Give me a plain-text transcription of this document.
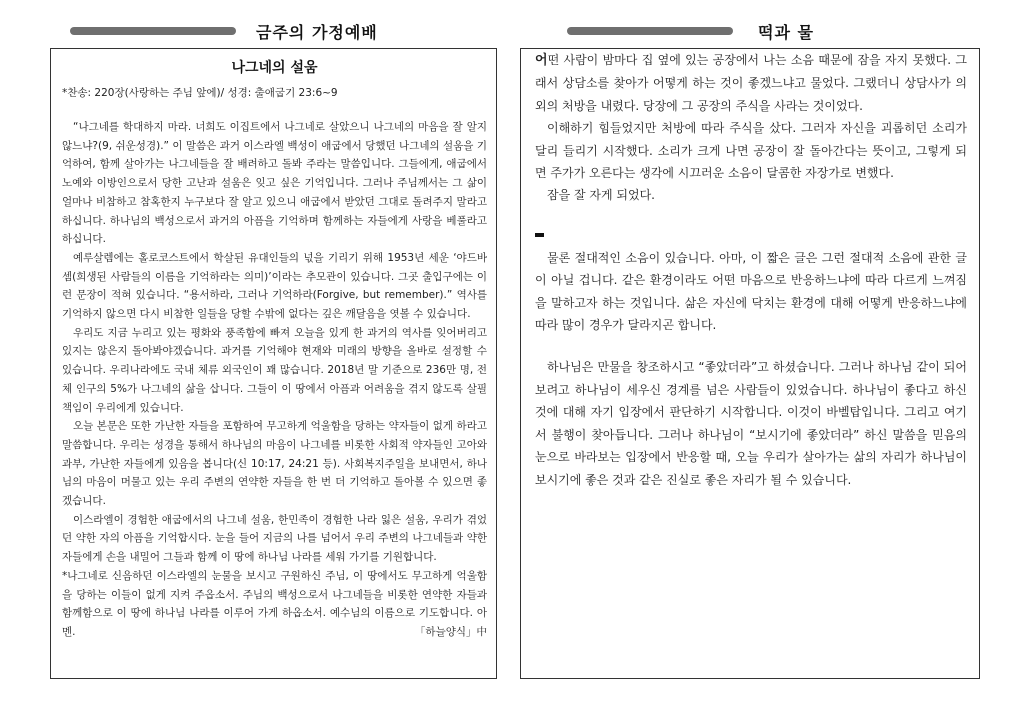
금주의 가정예배	떡과 물
나그네의 설움
*찬송: 220장(사랑하는 주님 앞에)/ 성경: 출애굽기 23:6~9

“나그네를 학대하지 마라. 너희도 이집트에서 나그네로 살았으니 나그네의 마음을 잘 알지 않느냐?(9, 쉬운성경).” 이 말씀은 과거 이스라엘 백성이 애굽에서 당했던 나그네의 설움을 기억하여, 함께 살아가는 나그네들을 잘 배려하고 돌봐 주라는 말씀입니다. 그들에게, 애굽에서 노예와 이방인으로서 당한 고난과 설움은 잊고 싶은 기억입니다. 그러나 주님께서는 그 삶이 얼마나 비참하고 참혹한지 누구보다 잘 알고 있으니 애굽에서 받았던 그대로 돌려주지 말라고 하십니다. 하나님의 백성으로서 과거의 아픔을 기억하며 함께하는 자들에게 사랑을 베풀라고 하십니다.

예루살렘에는 홀로코스트에서 학살된 유대인들의 넋을 기리기 위해 1953년 세운 ‘야드바셈(희생된 사람들의 이름을 기억하라는 의미)’이라는 추모관이 있습니다. 그곳 출입구에는 이런 문장이 적혀 있습니다. “용서하라, 그러나 기억하라(Forgive, but remember).” 역사를 기억하지 않으면 다시 비참한 일들을 당할 수밖에 없다는 깊은 깨달음을 엿볼 수 있습니다.

우리도 지금 누리고 있는 평화와 풍족함에 빠져 오늘을 있게 한 과거의 역사를 잊어버리고 있지는 않은지 돌아봐야겠습니다. 과거를 기억해야 현재와 미래의 방향을 올바로 설정할 수 있습니다. 우리나라에도 국내 체류 외국인이 꽤 많습니다. 2018년 말 기준으로 236만 명, 전체 인구의 5%가 나그네의 삶을 삽니다. 그들이 이 땅에서 아픔과 어려움을 겪지 않도록 살필 책임이 우리에게 있습니다.

오늘 본문은 또한 가난한 자들을 포함하여 무고하게 억울함을 당하는 약자들이 없게 하라고 말씀합니다. 우리는 성경을 통해서 하나님의 마음이 나그네를 비롯한 사회적 약자들인 고아와 과부, 가난한 자들에게 있음을 봅니다(신 10:17, 24:21 등). 사회복지주일을 보내면서, 하나님의 마음이 머물고 있는 우리 주변의 연약한 자들을 한 번 더 기억하고 돌아볼 수 있으면 좋겠습니다.

이스라엘이 경험한 애굽에서의 나그네 설움, 한민족이 경험한 나라 잃은 설움, 우리가 겪었던 약한 자의 아픔을 기억합시다. 눈을 들어 지금의 나를 넘어서 우리 주변의 나그네들과 약한 자들에게 손을 내밀어 그들과 함께 이 땅에 하나님 나라를 세워 가기를 기원합니다.

*나그네로 신음하던 이스라엘의 눈물을 보시고 구원하신 주님, 이 땅에서도 무고하게 억울함을 당하는 이들이 없게 지켜 주옵소서. 주님의 백성으로서 나그네들을 비롯한 연약한 자들과 함께함으로 이 땅에 하나님 나라를 이루어 가게 하옵소서. 예수님의 이름으로 기도합니다. 아멘.	「하늘양식」中

어떤 사람이 밤마다 집 옆에 있는 공장에서 나는 소음 때문에 잠을 자지 못했다. 그래서 상담소를 찾아가 어떻게 하는 것이 좋겠느냐고 물었다. 그랬더니 상담사가 의외의 처방을 내렸다. 당장에 그 공장의 주식을 사라는 것이었다.

이해하기 힘들었지만 처방에 따라 주식을 샀다. 그러자 자신을 괴롭히던 소리가 달리 들리기 시작했다. 소리가 크게 나면 공장이 잘 돌아간다는 뜻이고, 그렇게 되면 주가가 오른다는 생각에 시끄러운 소음이 달콤한 자장가로 변했다.

잠을 잘 자게 되었다.

물론 절대적인 소음이 있습니다. 아마, 이 짧은 글은 그런 절대적 소음에 관한 글이 아닐 겁니다. 같은 환경이라도 어떤 마음으로 반응하느냐에 따라 다르게 느껴짐을 말하고자 하는 것입니다. 삶은 자신에 닥치는 환경에 대해 어떻게 반응하느냐에 따라 많이 경우가 달라지곤 합니다.

하나님은 만물을 창조하시고 “좋았더라”고 하셨습니다. 그러나 하나님 같이 되어보려고 하나님이 세우신 경계를 넘은 사람들이 있었습니다. 하나님이 좋다고 하신 것에 대해 자기 입장에서 판단하기 시작합니다. 이것이 바벨탑입니다. 그리고 여기서 불행이 찾아듭니다. 그러나 하나님이 “보시기에 좋았더라” 하신 말씀을 믿음의 눈으로 바라보는 입장에서 반응할 때, 오늘 우리가 살아가는 삶의 자리가 하나님이 보시기에 좋은 것과 같은 진실로 좋은 자리가 될 수 있습니다.
